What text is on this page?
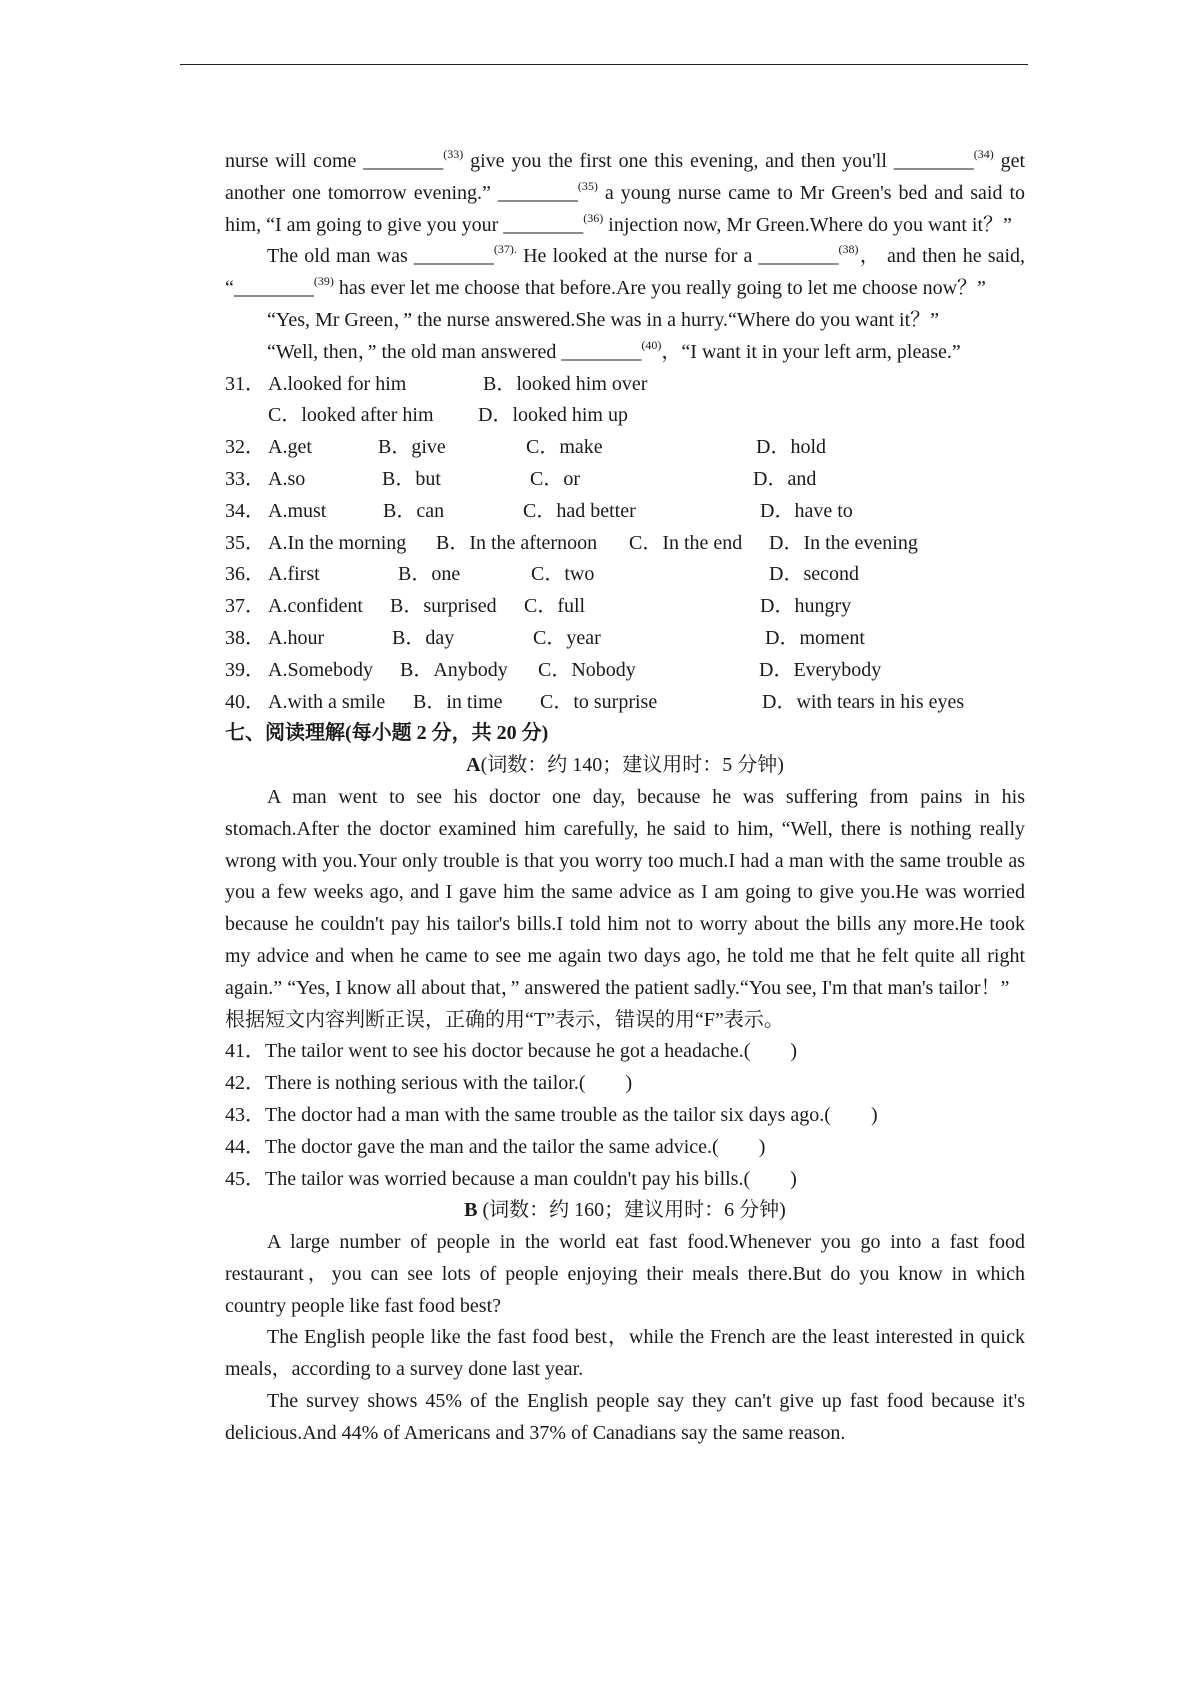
nurse will come ________$^{(33)}$ give you the first one this evening, and then you'll ________$^{(34)}$ get another one tomorrow evening.” ________$^{(35)}$ a young nurse came to Mr Green's bed and said to him, “I am going to give you your ________$^{(36)}$ injection now, Mr Green.Where do you want it？”

The old man was ________$^{(37).}$ He looked at the nurse for a ________$^{(38)}$， and then he said, “________$^{(39)}$ has ever let me choose that before.Are you really going to let me choose now？”

“Yes, Mr Green，” the nurse answered.She was in a hurry.“Where do you want it？”

“Well, then，” the old man answered ________$^{(40)}$，“I want it in your left arm, please.”

31． A.looked for him	B．looked him over
C．looked after him	D．looked him up
32． A.get	B．give	C．make	D．hold
33． A.so	B．but	C．or	D．and
34． A.must	B．can	C．had better	D．have to
35． A.In the morning	B．In the afternoon	C．In the end	D．In the evening
36． A.first	B．one	C．two	D．second
37． A.confident	B．surprised	C．full	D．hungry
38． A.hour	B．day	C．year	D．moment
39． A.Somebody	B．Anybody	C．Nobody	D．Everybody
40． A.with a smile	B．in time	C．to surprise	D．with tears in his eyes

七、阅读理解(每小题 2 分，共 20 分)

A(词数：约 140；建议用时：5 分钟)

A man went to see his doctor one day, because he was suffering from pains in his stomach.After the doctor examined him carefully, he said to him, “Well, there is nothing really wrong with you.Your only trouble is that you worry too much.I had a man with the same trouble as you a few weeks ago, and I gave him the same advice as I am going to give you.He was worried because he couldn't pay his tailor's bills.I told him not to worry about the bills any more.He took my advice and when he came to see me again two days ago, he told me that he felt quite all right again.” “Yes, I know all about that，” answered the patient sadly.“You see, I'm that man's tailor！”

根据短文内容判断正误，正确的用“T”表示，错误的用“F”表示。

41．The tailor went to see his doctor because he got a headache.(　　)

42．There is nothing serious with the tailor.(　　)

43．The doctor had a man with the same trouble as the tailor six days ago.(　　)

44．The doctor gave the man and the tailor the same advice.(　　)

45．The tailor was worried because a man couldn't pay his bills.(　　)

B (词数：约 160；建议用时：6 分钟)

A large number of people in the world eat fast food.Whenever you go into a fast food restaurant，you can see lots of people enjoying their meals there.But do you know in which country people like fast food best?

The English people like the fast food best，while the French are the least interested in quick meals，according to a survey done last year.

The survey shows 45% of the English people say they can't give up fast food because it's delicious.And 44% of Americans and 37% of Canadians say the same reason.
